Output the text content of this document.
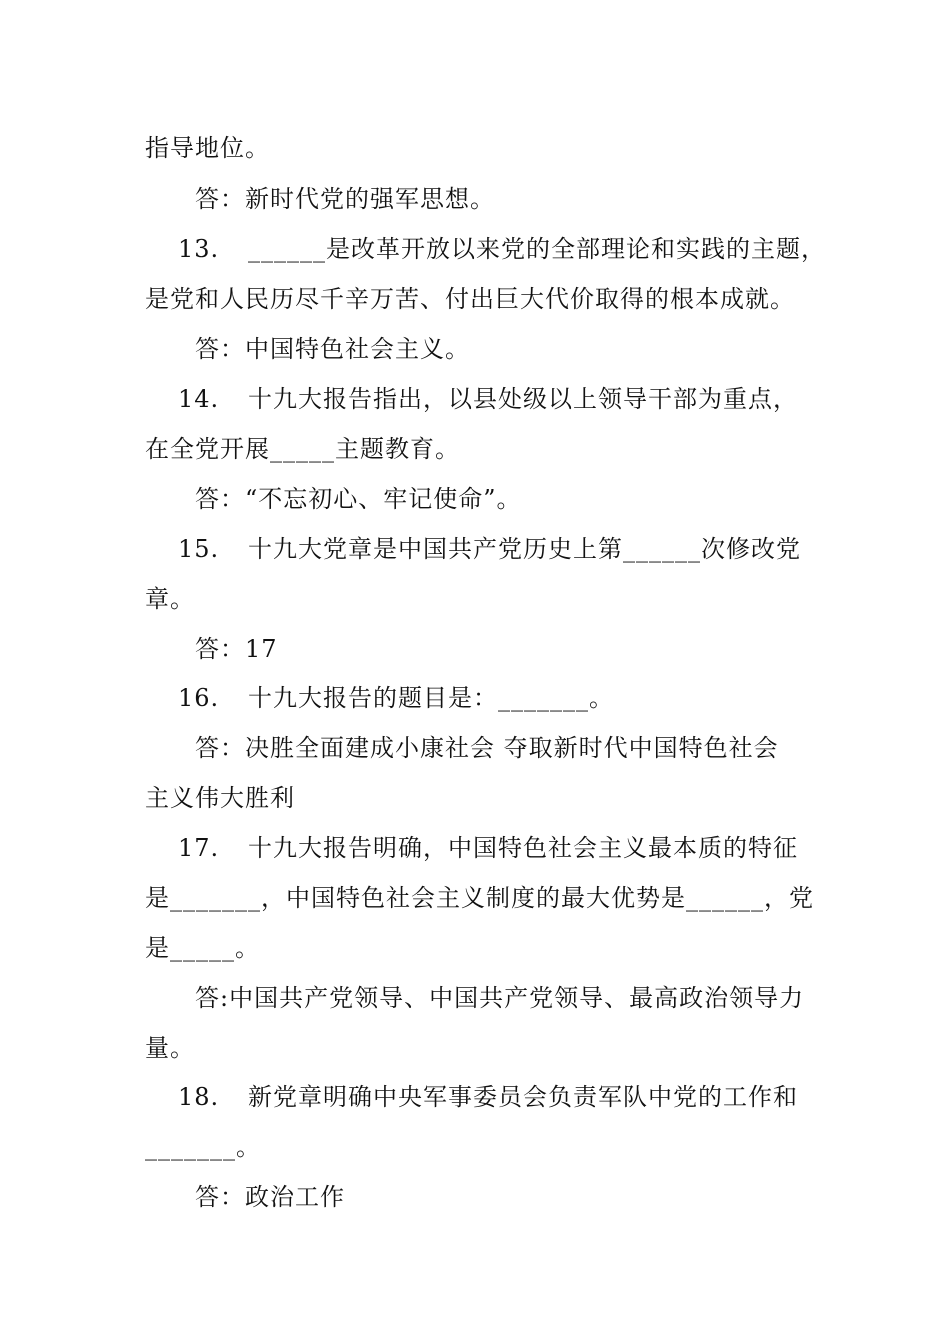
指导地位。
答：新时代党的强军思想。
13. ______是改革开放以来党的全部理论和实践的主题，
是党和人民历尽千辛万苦、付出巨大代价取得的根本成就。
答：中国特色社会主义。
14. 十九大报告指出，以县处级以上领导干部为重点，
在全党开展_____主题教育。
答：“不忘初心、牢记使命”。
15. 十九大党章是中国共产党历史上第______次修改党
章。
答：17
16. 十九大报告的题目是：_______。
答：决胜全面建成小康社会 夺取新时代中国特色社会
主义伟大胜利
17. 十九大报告明确，中国特色社会主义最本质的特征
是_______，中国特色社会主义制度的最大优势是______，党
是_____。
答:中国共产党领导、中国共产党领导、最高政治领导力
量。
18. 新党章明确中央军事委员会负责军队中党的工作和
_______。
答：政治工作
